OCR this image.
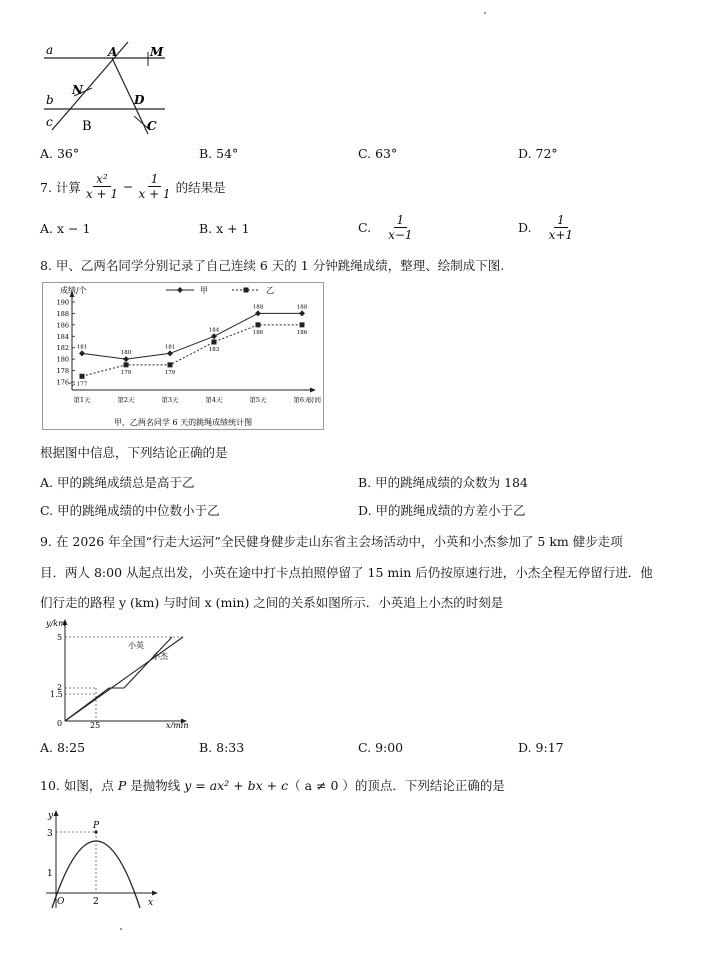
a	A	M
N
b	D
c B	C
A. 36°	B. 54°	C. 63°	D. 72°
7. 计算 $\frac{\text{x²}}{x + 1} - \frac{1}{x + 1}$ 的结果是
A. x − 1	B. x + 1	C. $\frac{1}{x-1}$	D. $\frac{1}{x+1}$
8. 甲、乙两名同学分别记录了自己连续 6 天的 1 分钟跳绳成绩，整理、绘制成下图.
176
178
180
182
184
186
188
190
第1天	第2天	第3天	第4天	第5天	第6天
时间
成绩/个	甲	乙
181
180
181
184
188	188
177
179	179
183
186	186
甲、乙两名同学 6 天的跳绳成绩统计图
根据图中信息，下列结论正确的是
A. 甲的跳绳成绩总是高于乙	B. 甲的跳绳成绩的众数为 184
C. 甲的跳绳成绩的中位数小于乙	D. 甲的跳绳成绩的方差小于乙
9. 在 2026 年全国“行走大运河”全民健身健步走山东省主会场活动中，小英和小杰参加了 5 km 健步走项
目．两人 8:00 从起点出发，小英在途中打卡点拍照停留了 15 min 后仍按原速行进，小杰全程无停留行进．他
们行走的路程 y (km) 与时间 x (min) 之间的关系如图所示．小英追上小杰的时刻是
y/km
x/min
0
5
2
1.5
25
小英
小杰
A. 8:25	B. 8:33	C. 9:00	D. 9:17
10. 如图，点 P 是抛物线 y = ax² + bx + c（ a ≠ 0 ）的顶点．下列结论正确的是
y
x
O
P
3
1
2
